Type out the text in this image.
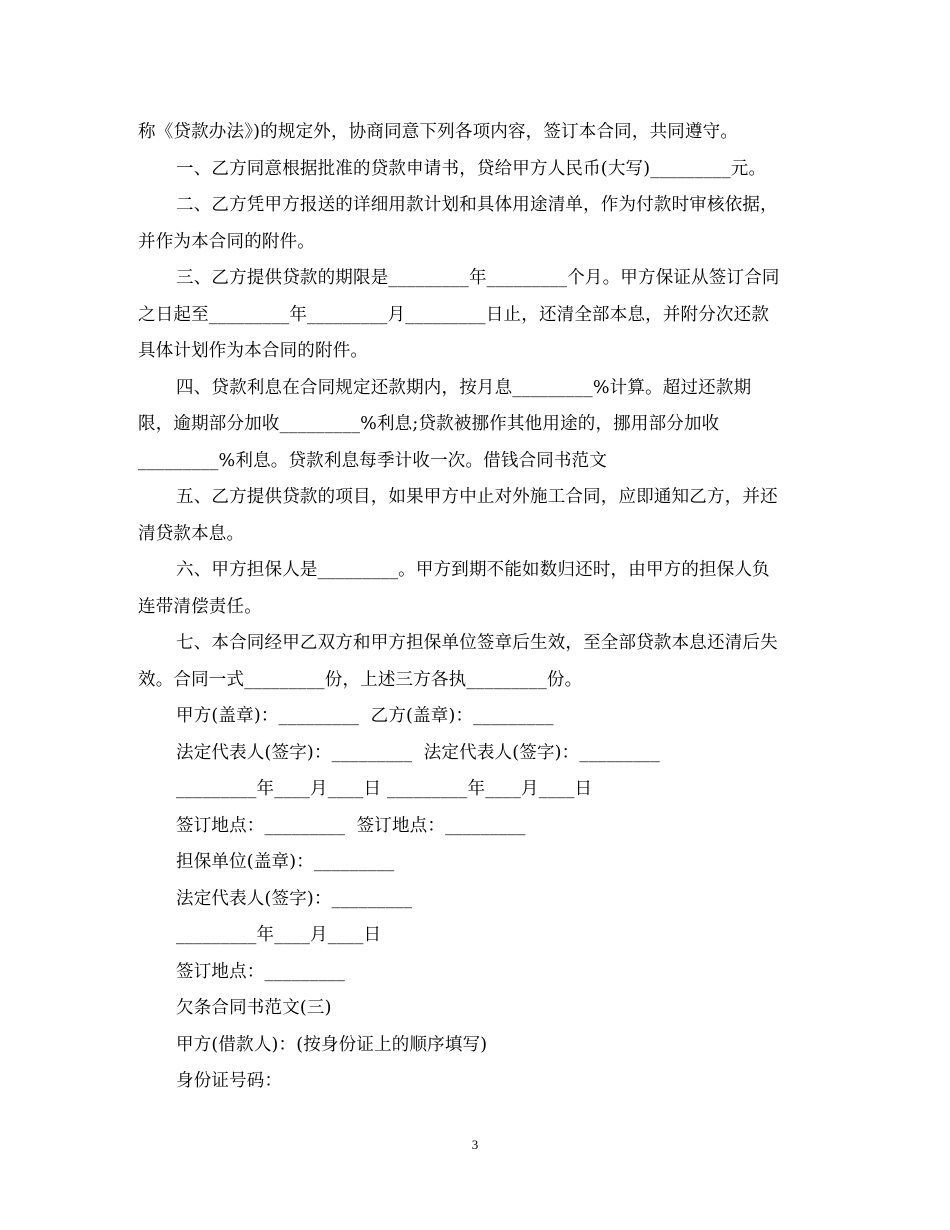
称《贷款办法》)的规定外，协商同意下列各项内容，签订本合同，共同遵守。
一、乙方同意根据批准的贷款申请书，贷给甲方人民币(大写)_________元。
二、乙方凭甲方报送的详细用款计划和具体用途清单，作为付款时审核依据，
并作为本合同的附件。
三、乙方提供贷款的期限是_________年_________个月。甲方保证从签订合同
之日起至_________年_________月_________日止，还清全部本息，并附分次还款
具体计划作为本合同的附件。
四、贷款利息在合同规定还款期内，按月息_________%计算。超过还款期
限，逾期部分加收_________%利息;贷款被挪作其他用途的，挪用部分加收
_________%利息。贷款利息每季计收一次。借钱合同书范文
五、乙方提供贷款的项目，如果甲方中止对外施工合同，应即通知乙方，并还
清贷款本息。
六、甲方担保人是_________。甲方到期不能如数归还时，由甲方的担保人负
连带清偿责任。
七、本合同经甲乙双方和甲方担保单位签章后生效，至全部贷款本息还清后失
效。合同一式_________份，上述三方各执_________份。
甲方(盖章)：_________  乙方(盖章)：_________
法定代表人(签字)：_________  法定代表人(签字)：_________
_________年____月____日 _________年____月____日
签订地点：_________  签订地点：_________
担保单位(盖章)：_________
法定代表人(签字)：_________
_________年____月____日
签订地点：_________
欠条合同书范文(三)
甲方(借款人)：(按身份证上的顺序填写)
身份证号码：
3
